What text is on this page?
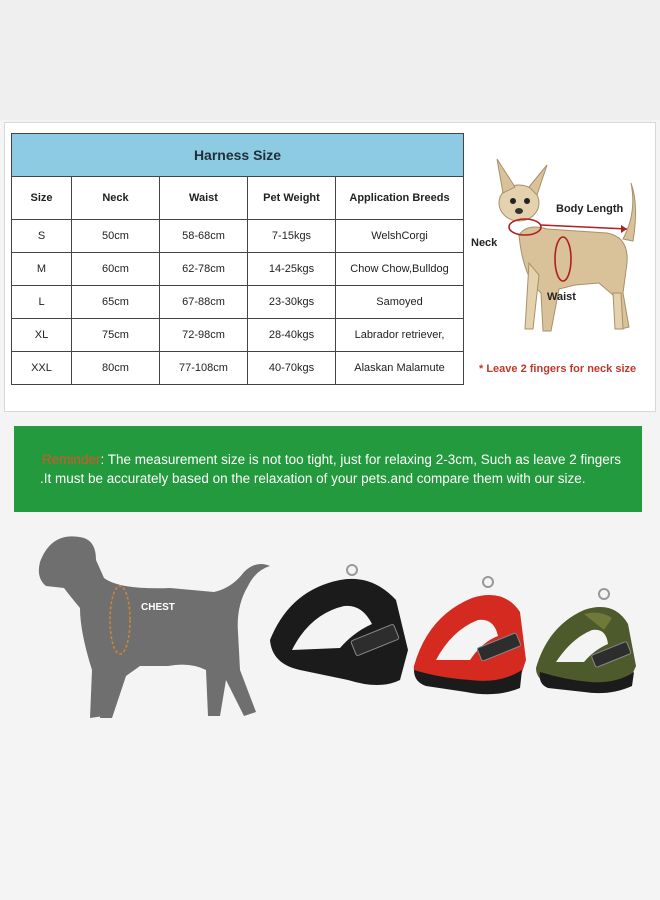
Harness Size				
Size	Neck	Waist	Pet Weight	Application Breeds
S	50cm	58-68cm	7-15kgs	WelshCorgi
M	60cm	62-78cm	14-25kgs	Chow Chow,Bulldog
L	65cm	67-88cm	23-30kgs	Samoyed
XL	75cm	72-98cm	28-40kgs	Labrador retriever,
XXL	80cm	77-108cm	40-70kgs	Alaskan Malamute
Body Length
Neck
Waist
* Leave 2 fingers for neck size
Reminder: The measurement size is not too tight, just for relaxing 2-3cm, Such as leave 2 fingers
.It must be accurately based on the relaxation of your pets.and compare them with our size.
CHEST
